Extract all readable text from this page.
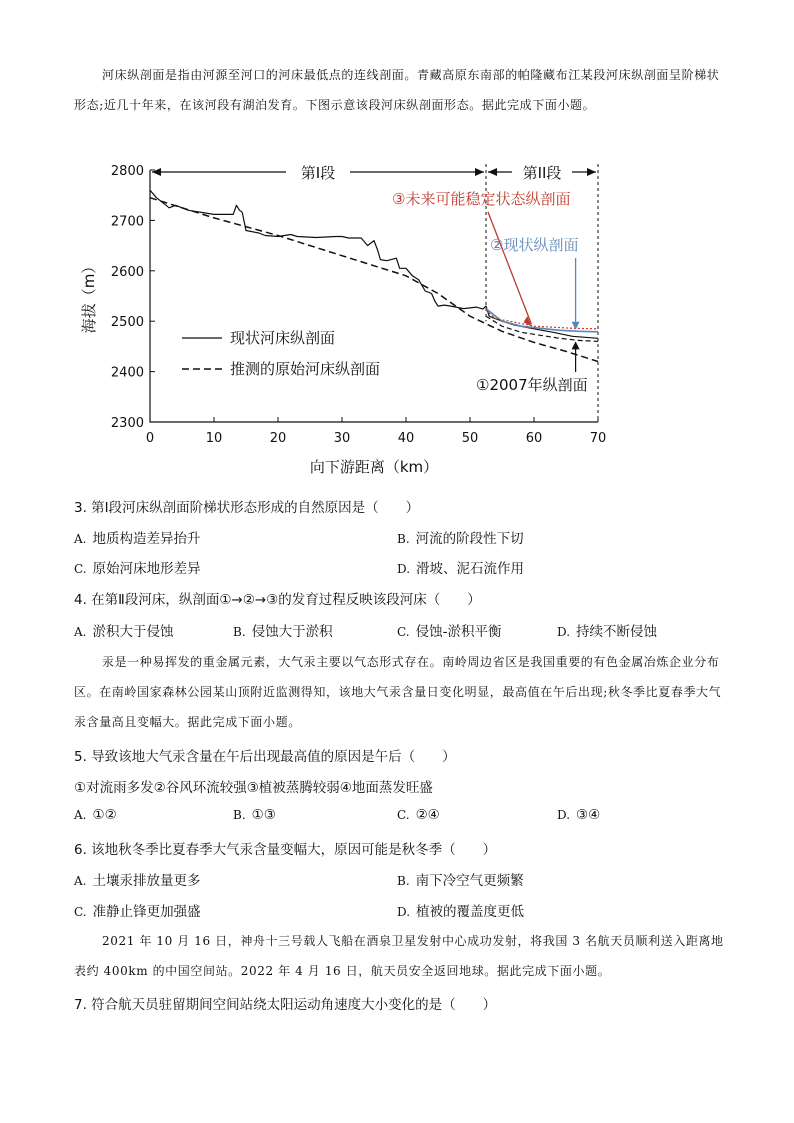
河床纵剖面是指由河源至河口的河床最低点的连线剖面。青藏高原东南部的帕隆藏布江某段河床纵剖面呈阶梯状形态;近几十年来，在该河段有湖泊发育。下图示意该段河床纵剖面形态。据此完成下面小题。
2300
2400
2500
2600
2700
2800
0	10	20	30	40	50	60	70
向下游距离（km）
海拔（m）
第I段	第II段
现状河床纵剖面
推测的原始河床纵剖面
③未来可能稳定状态纵剖面
②现状纵剖面
①2007年纵剖面
3. 第Ⅰ段河床纵剖面阶梯状形态形成的自然原因是（　　）
A. 地质构造差异抬升	B. 河流的阶段性下切
C. 原始河床地形差异	D. 滑坡、泥石流作用
4. 在第Ⅱ段河床，纵剖面①→②→③的发育过程反映该段河床（　　）
A. 淤积大于侵蚀	B. 侵蚀大于淤积	C. 侵蚀-淤积平衡	D. 持续不断侵蚀
汞是一种易挥发的重金属元素，大气汞主要以气态形式存在。南岭周边省区是我国重要的有色金属冶炼企业分布区。在南岭国家森林公园某山顶附近监测得知，该地大气汞含量日变化明显，最高值在午后出现;秋冬季比夏春季大气汞含量高且变幅大。据此完成下面小题。
5. 导致该地大气汞含量在午后出现最高值的原因是午后（　　）
①对流雨多发②谷风环流较强③植被蒸腾较弱④地面蒸发旺盛
A. ①②	B. ①③	C. ②④	D. ③④
6. 该地秋冬季比夏春季大气汞含量变幅大，原因可能是秋冬季（　　）
A. 土壤汞排放量更多	B. 南下冷空气更频繁
C. 准静止锋更加强盛	D. 植被的覆盖度更低
2021 年 10 月 16 日，神舟十三号载人飞船在酒泉卫星发射中心成功发射，将我国 3 名航天员顺利送入距离地表约 400km 的中国空间站。2022 年 4 月 16 日，航天员安全返回地球。据此完成下面小题。
7. 符合航天员驻留期间空间站绕太阳运动角速度大小变化的是（　　）
